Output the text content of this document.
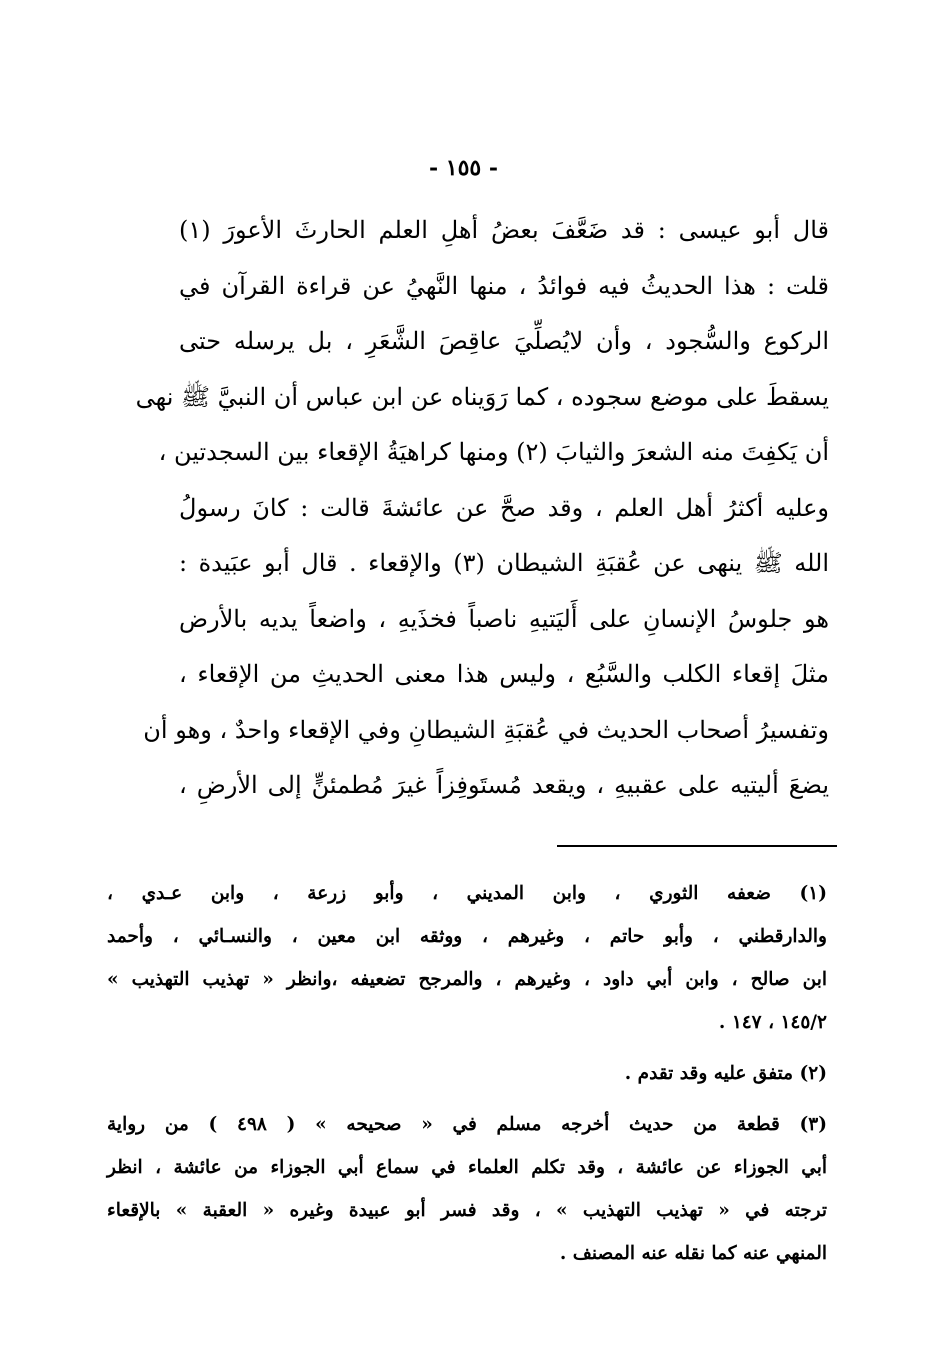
- ١٥٥ -
قال أبو عيسى : قد ضَعَّفَ بعضُ أهلِ العلم الحارثَ الأعورَ (١)
قلت : هذا الحديثُ فيه فوائدُ ، منها النَّهيُ عن قراءة القرآن في
الركوع والسُّجود ، وأن لايُصلِّيَ عاقِصَ الشَّعَرِ ، بل يرسله حتى
يسقطَ على موضع سجوده ، كما رَوَيناه عن ابن عباس أن النبيَّ ﷺ نهى
أن يَكفِتَ منه الشعرَ والثيابَ (٢) ومنها كراهيَةُ الإقعاء بين السجدتين ،
وعليه أكثرُ أهل العلم ، وقد صحَّ عن عائشةَ قالت : كانَ رسولُ
الله ﷺ ينهى عن عُقبَةِ الشيطان (٣) والإقعاء . قال أبو عبَيدة :
هو جلوسُ الإنسانِ على أَليَتيهِ ناصباً فخذَيهِ ، واضعاً يديه بالأرض
مثلَ إقعاء الكلب والسَّبُع ، وليس هذا معنى الحديثِ من الإقعاء ،
وتفسيرُ أصحاب الحديث في عُقبَةِ الشيطانِ وفي الإقعاء واحدٌ ، وهو أن
يضعَ أليتيه على عقبيهِ ، ويقعد مُستَوفِزاً غيرَ مُطمئنٍّ إلى الأرضِ ،
(١) ضعفه الثوري ، وابن المديني ، وأبو زرعة ، وابن عـدي ،
والدارقطني ، وأبو حاتم ، وغيرهم ، ووثقه ابن معين ، والنسـائي ، وأحمد
ابن صالح ، وابن أبي داود ، وغيرهم ، والمرجح تضعيفه ،وانظر « تهذيب التهذيب »
١٤٥/٢ ، ١٤٧ .
(٢) متفق عليه وقد تقدم .
(٣) قطعة من حديث أخرجه مسلم في « صحيحه » ( ٤٩٨ ) من رواية
أبي الجوزاء عن عائشة ، وقد تكلم العلماء في سماع أبي الجوزاء من عائشة ، انظر
ترجته في « تهذيب التهذيب » ، وقد فسر أبو عبيدة وغيره « العقبة » بالإقعاء
المنهي عنه كما نقله عنه المصنف .
